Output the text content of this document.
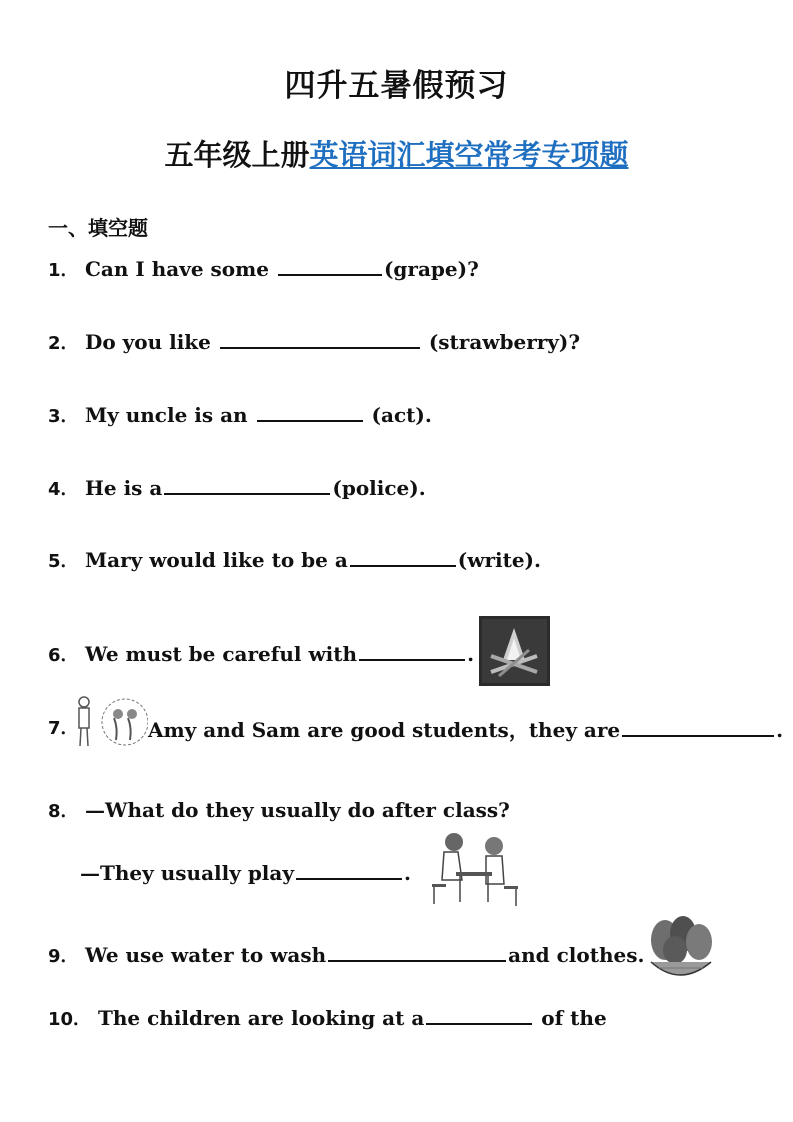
四升五暑假预习
五年级上册英语词汇填空常考专项题
一、填空题
1． Can I have some	(grape)?
2． Do you like	(strawberry)?
3． My uncle is an	(act).
4． He is a	(police).
5． Mary would like to be a	(write).
6． We must be careful with	.
7．	Amy and Sam are good students，they are	.
8． —What do they usually do after class?
—They usually play	.
9． We use water to wash	and clothes.
10． The children are looking at a	of the
